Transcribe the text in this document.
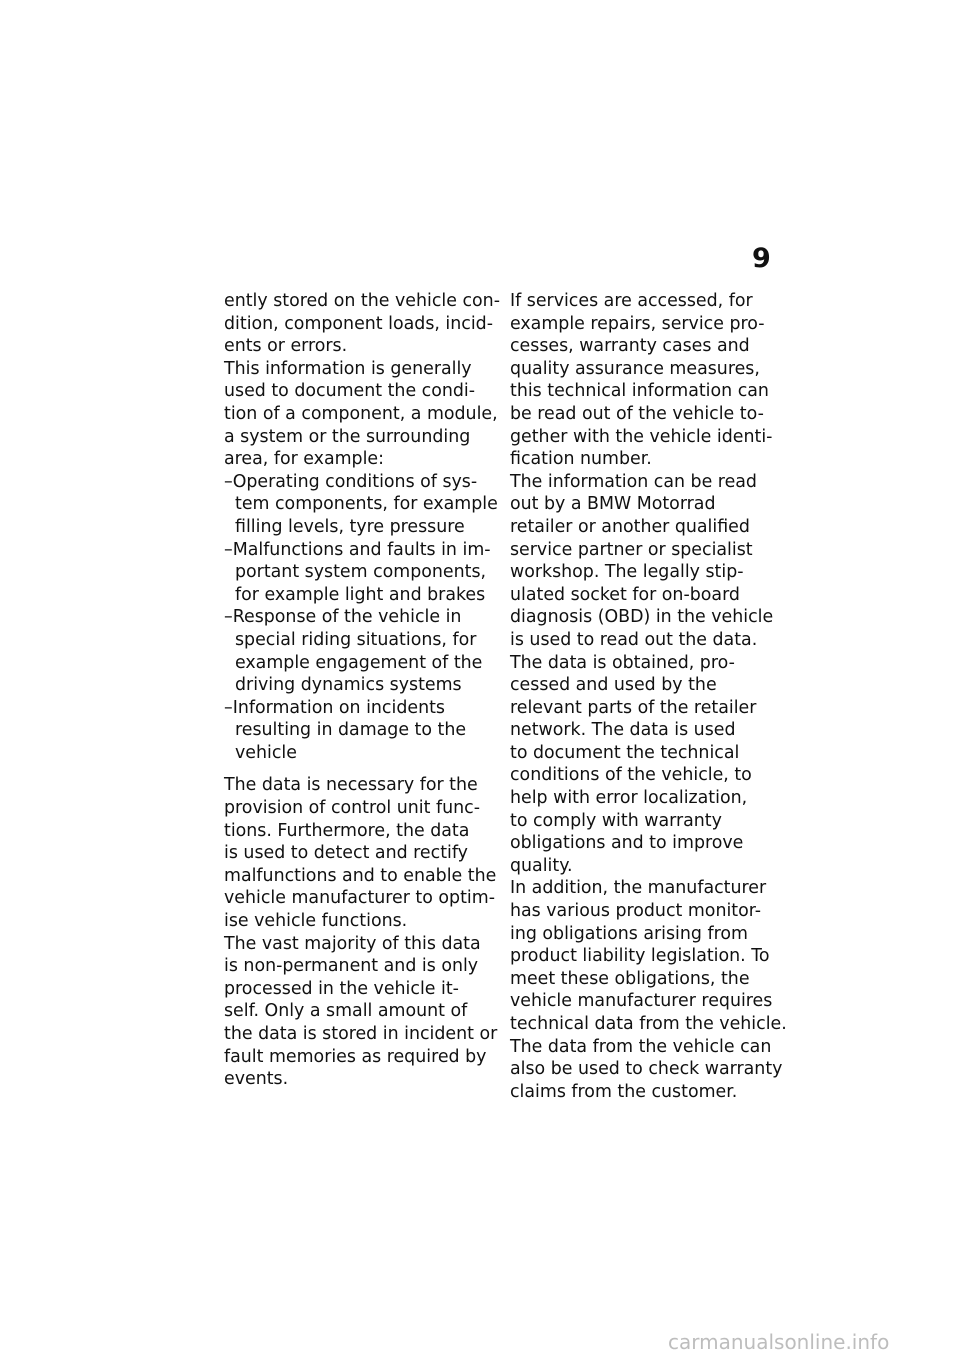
9
ently stored on the vehicle con-
dition, component loads, incid-
ents or errors.
This information is generally
used to document the condi-
tion of a component, a module,
a system or the surrounding
area, for example:
–Operating conditions of sys-
tem components, for example
filling levels, tyre pressure
–Malfunctions and faults in im-
portant system components,
for example light and brakes
–Response of the vehicle in
special riding situations, for
example engagement of the
driving dynamics systems
–Information on incidents
resulting in damage to the
vehicle
The data is necessary for the
provision of control unit func-
tions. Furthermore, the data
is used to detect and rectify
malfunctions and to enable the
vehicle manufacturer to optim-
ise vehicle functions.
The vast majority of this data
is non-permanent and is only
processed in the vehicle it-
self. Only a small amount of
the data is stored in incident or
fault memories as required by
events.
If services are accessed, for
example repairs, service pro-
cesses, warranty cases and
quality assurance measures,
this technical information can
be read out of the vehicle to-
gether with the vehicle identi-
fication number.
The information can be read
out by a BMW Motorrad
retailer or another qualified
service partner or specialist
workshop. The legally stip-
ulated socket for on-board
diagnosis (OBD) in the vehicle
is used to read out the data.
The data is obtained, pro-
cessed and used by the
relevant parts of the retailer
network. The data is used
to document the technical
conditions of the vehicle, to
help with error localization,
to comply with warranty
obligations and to improve
quality.
In addition, the manufacturer
has various product monitor-
ing obligations arising from
product liability legislation. To
meet these obligations, the
vehicle manufacturer requires
technical data from the vehicle.
The data from the vehicle can
also be used to check warranty
claims from the customer.
carmanualsonline.info
